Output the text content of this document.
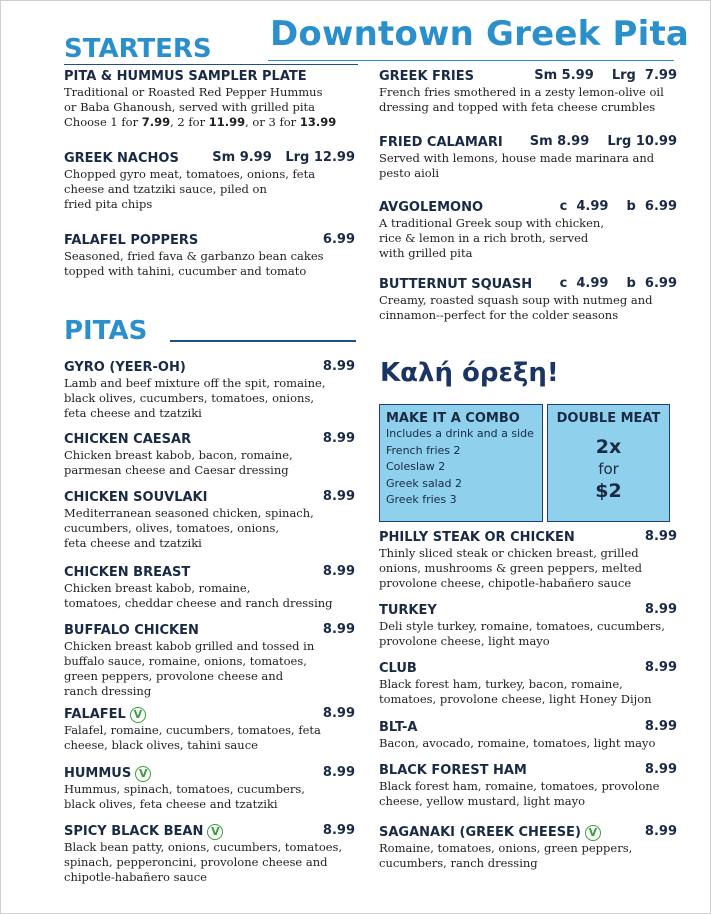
Downtown Greek Pita
STARTERS
PITA & HUMMUS SAMPLER PLATE
Traditional or Roasted Red Pepper Hummus
or Baba Ghanoush, served with grilled pita
Choose 1 for 7.99, 2 for 11.99, or 3 for 13.99
GREEK NACHOS	Sm 9.99   Lrg 12.99
Chopped gyro meat, tomatoes, onions, feta
cheese and tzatziki sauce, piled on
fried pita chips
FALAFEL POPPERS	6.99
Seasoned, fried fava & garbanzo bean cakes
topped with tahini, cucumber and tomato
GREEK FRIES	Sm 5.99    Lrg  7.99
French fries smothered in a zesty lemon-olive oil
dressing and topped with feta cheese crumbles
FRIED CALAMARI Sm 8.99    Lrg 10.99
Served with lemons, house made marinara and
pesto aioli
AVGOLEMONO	c  4.99    b  6.99
A traditional Greek soup with chicken,
rice & lemon in a rich broth, served
with grilled pita
BUTTERNUT SQUASH c  4.99    b  6.99
Creamy, roasted squash soup with nutmeg and
cinnamon--perfect for the colder seasons
PITAS
GYRO (YEER-OH)	8.99
Lamb and beef mixture off the spit, romaine,
black olives, cucumbers, tomatoes, onions,
feta cheese and tzatziki
CHICKEN CAESAR	8.99
Chicken breast kabob, bacon, romaine,
parmesan cheese and Caesar dressing
CHICKEN SOUVLAKI	8.99
Mediterranean seasoned chicken, spinach,
cucumbers, olives, tomatoes, onions,
feta cheese and tzatziki
CHICKEN BREAST	8.99
Chicken breast kabob, romaine,
tomatoes, cheddar cheese and ranch dressing
BUFFALO CHICKEN	8.99
Chicken breast kabob grilled and tossed in
buffalo sauce, romaine, onions, tomatoes,
green peppers, provolone cheese and
ranch dressing
FALAFEL V	8.99
Falafel, romaine, cucumbers, tomatoes, feta
cheese, black olives, tahini sauce
HUMMUS V	8.99
Hummus, spinach, tomatoes, cucumbers,
black olives, feta cheese and tzatziki
SPICY BLACK BEAN V	8.99
Black bean patty, onions, cucumbers, tomatoes,
spinach, pepperoncini, provolone cheese and
chipotle-habañero sauce
Καλή όρεξη!
MAKE IT A COMBO
Includes a drink and a side
French fries 2
Coleslaw 2
Greek salad 2
Greek fries 3
DOUBLE MEAT
2x
for
$2
PHILLY STEAK OR CHICKEN	8.99
Thinly sliced steak or chicken breast, grilled
onions, mushrooms & green peppers, melted
provolone cheese, chipotle-habañero sauce
TURKEY	8.99
Deli style turkey, romaine, tomatoes, cucumbers,
provolone cheese, light mayo
CLUB	8.99
Black forest ham, turkey, bacon, romaine,
tomatoes, provolone cheese, light Honey Dijon
BLT-A	8.99
Bacon, avocado, romaine, tomatoes, light mayo
BLACK FOREST HAM	8.99
Black forest ham, romaine, tomatoes, provolone
cheese, yellow mustard, light mayo
SAGANAKI (GREEK CHEESE) V	8.99
Romaine, tomatoes, onions, green peppers,
cucumbers, ranch dressing
